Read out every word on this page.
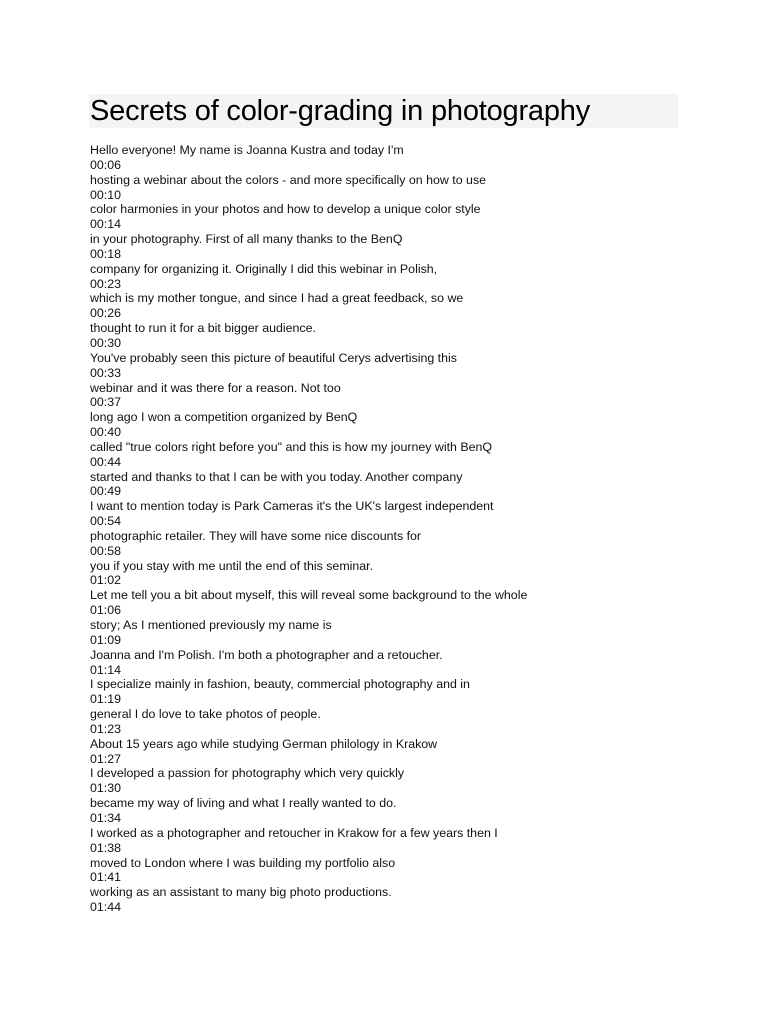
Secrets of color-grading in photography
Hello everyone! My name is Joanna Kustra and today I'm
00:06
hosting a webinar about the colors - and more specifically on how to use
00:10
color harmonies in your photos and how to develop a unique color style
00:14
in your photography. First of all many thanks to the BenQ
00:18
company for organizing it. Originally I did this webinar in Polish,
00:23
which is my mother tongue, and since I had a great feedback, so we
00:26
thought to run it for a bit bigger audience.
00:30
You've probably seen this picture of beautiful Cerys advertising this
00:33
webinar and it was there for a reason. Not too
00:37
long ago I won a competition organized by BenQ
00:40
called "true colors right before you" and this is how my journey with BenQ
00:44
started and thanks to that I can be with you today. Another company
00:49
I want to mention today is Park Cameras it's the UK's largest independent
00:54
photographic retailer. They will have some nice discounts for
00:58
you if you stay with me until the end of this seminar.
01:02
Let me tell you a bit about myself, this will reveal some background to the whole
01:06
story; As I mentioned previously my name is
01:09
Joanna and I'm Polish. I'm both a photographer and a retoucher.
01:14
I specialize mainly in fashion, beauty, commercial photography and in
01:19
general I do love to take photos of people.
01:23
About 15 years ago while studying German philology in Krakow
01:27
I developed a passion for photography which very quickly
01:30
became my way of living and what I really wanted to do.
01:34
I worked as a photographer and retoucher in Krakow for a few years then I
01:38
moved to London where I was building my portfolio also
01:41
working as an assistant to many big photo productions.
01:44
